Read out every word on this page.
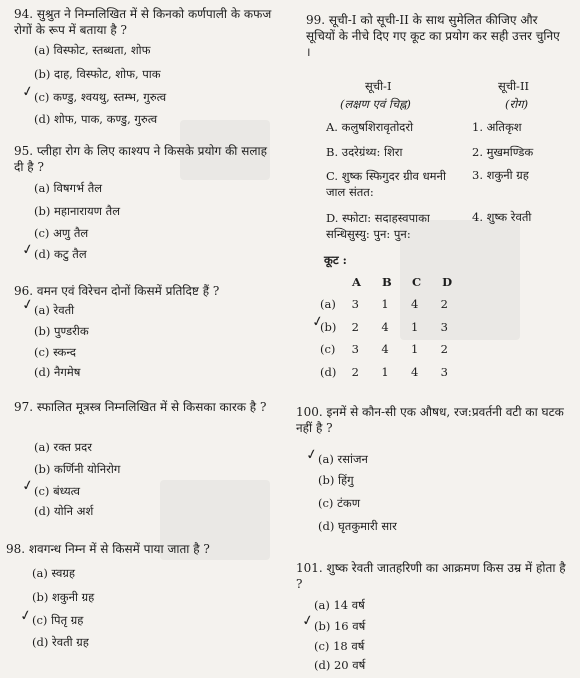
94. सुश्रुत ने निम्नलिखित में से किनको कर्णपाली के कफज रोगों के रूप में बताया है ?
(a) विस्फोट, स्तब्धता, शोफ
(b) दाह, विस्फोट, शोफ, पाक
(c) कण्डु, श्वयथु, स्तम्भ, गुरुत्व
✓
(d) शोफ, पाक, कण्डु, गुरुत्व
95. प्लीहा रोग के लिए काश्यप ने किसके प्रयोग की सलाह दी है ?
(a) विषगर्भ तैल
(b) महानारायण तैल
(c) अणु तैल
(d) कटु तैल
✓
96. वमन एवं विरेचन दोनों किसमें प्रतिदिष्ट हैं ?
(a) रेवती
✓
(b) पुण्डरीक
(c) स्कन्द
(d) नैगमेष
97. स्फालित मूत्रस्त्र निम्नलिखित में से किसका कारक है ?
(a) रक्त प्रदर
(b) कर्णिनी योनिरोग
(c) बंध्यत्व
✓
(d) योनि अर्श
98. शवगन्ध निम्न में से किसमें पाया जाता है ?
(a) स्वग्रह
(b) शकुनी ग्रह
(c) पितृ ग्रह
✓
(d) रेवती ग्रह
99. सूची-I को सूची-II के साथ सुमेलित कीजिए और सूचियों के नीचे दिए गए कूट का प्रयोग कर सही उत्तर चुनिए ।
सूची-I
(लक्षण एवं चिह्न)
सूची-II
(रोग)
A. कलुषशिरावृतोदरो
B. उदरेग्रंथ्य: शिरा
C. शुष्क स्फिगुदर ग्रीव धमनी जाल संतत:
D. स्फोटा: सदाहस्वपाका सन्धिसुस्यु: पुन: पुन:
1. अतिकृश
2. मुखमण्डिक
3. शकुनी ग्रह
4. शुष्क रेवती
कूट :
A B C D
(a) 3 1 4 2
(b) 2 4 1 3
✓
(c) 3 4 1 2
(d) 2 1 4 3
100. इनमें से कौन-सी एक औषध, रज:प्रवर्तनी वटी का घटक नहीं है ?
(a) रसांजन
✓
(b) हिंगु
(c) टंकण
(d) घृतकुमारी सार
101. शुष्क रेवती जातहरिणी का आक्रमण किस उम्र में होता है ?
(a) 14 वर्ष
(b) 16 वर्ष
✓
(c) 18 वर्ष
(d) 20 वर्ष
